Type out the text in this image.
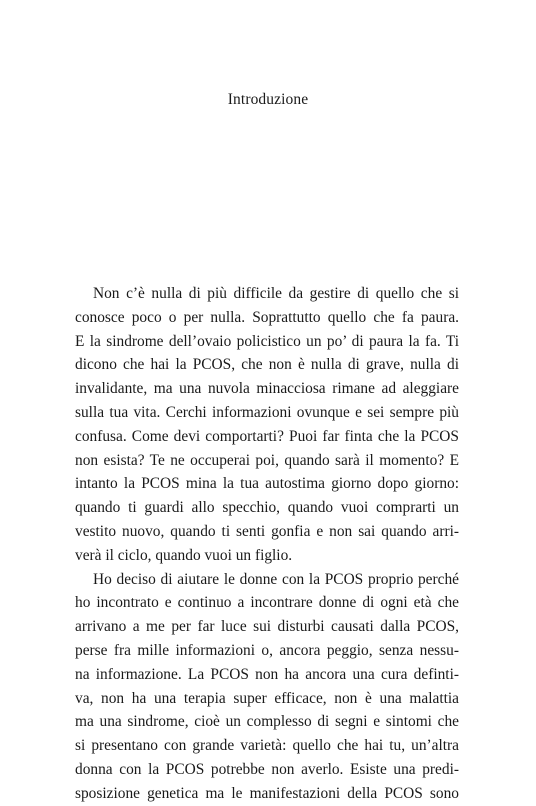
Introduzione
Non c’è nulla di più difficile da gestire di quello che si
conosce poco o per nulla. Soprattutto quello che fa paura.
E la sindrome dell’ovaio policistico un po’ di paura la fa. Ti
dicono che hai la PCOS, che non è nulla di grave, nulla di
invalidante, ma una nuvola minacciosa rimane ad aleggiare
sulla tua vita. Cerchi informazioni ovunque e sei sempre più
confusa. Come devi comportarti? Puoi far finta che la PCOS
non esista? Te ne occuperai poi, quando sarà il momento? E
intanto la PCOS mina la tua autostima giorno dopo giorno:
quando ti guardi allo specchio, quando vuoi comprarti un
vestito nuovo, quando ti senti gonfia e non sai quando arri-
verà il ciclo, quando vuoi un figlio.
Ho deciso di aiutare le donne con la PCOS proprio perché
ho incontrato e continuo a incontrare donne di ogni età che
arrivano a me per far luce sui disturbi causati dalla PCOS,
perse fra mille informazioni o, ancora peggio, senza nessu-
na informazione. La PCOS non ha ancora una cura definti-
va, non ha una terapia super efficace, non è una malattia
ma una sindrome, cioè un complesso di segni e sintomi che
si presentano con grande varietà: quello che hai tu, un’altra
donna con la PCOS potrebbe non averlo. Esiste una predi-
sposizione genetica ma le manifestazioni della PCOS sono
